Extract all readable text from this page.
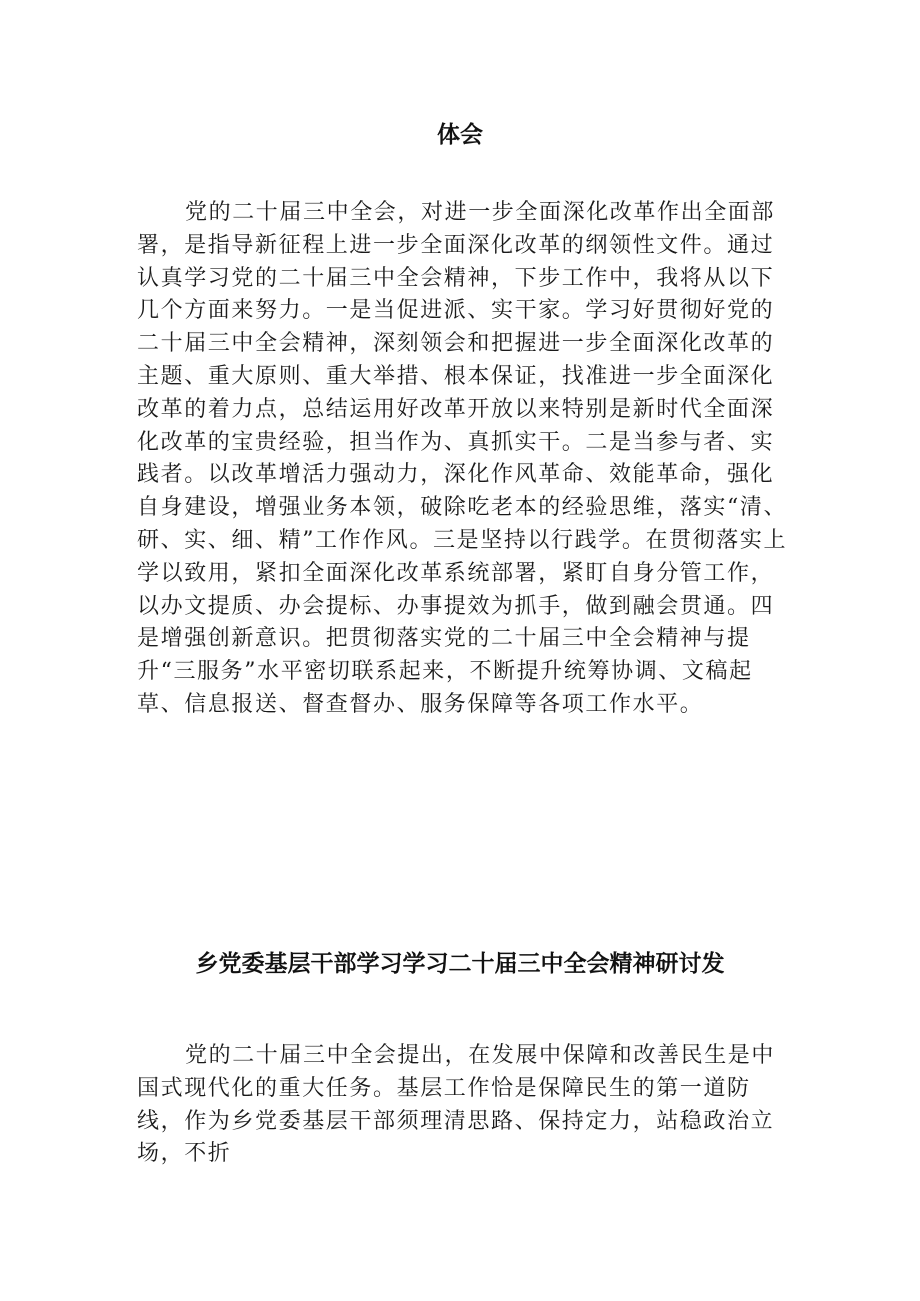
体会

党的二十届三中全会，对进一步全面深化改革作出全面部署，是指导新征程上进一步全面深化改革的纲领性文件。通过认真学习党的二十届三中全会精神，下步工作中，我将从以下几个方面来努力。一是当促进派、实干家。学习好贯彻好党的二十届三中全会精神，深刻领会和把握进一步全面深化改革的主题、重大原则、重大举措、根本保证，找准进一步全面深化改革的着力点，总结运用好改革开放以来特别是新时代全面深化改革的宝贵经验，担当作为、真抓实干。二是当参与者、实践者。以改革增活力强动力，深化作风革命、效能革命，强化自身建设，增强业务本领，破除吃老本的经验思维，落实“清、研、实、细、精”工作作风。三是坚持以行践学。在贯彻落实上学以致用，紧扣全面深化改革系统部署，紧盯自身分管工作，以办文提质、办会提标、办事提效为抓手，做到融会贯通。四是增强创新意识。把贯彻落实党的二十届三中全会精神与提升“三服务”水平密切联系起来，不断提升统筹协调、文稿起草、信息报送、督查督办、服务保障等各项工作水平。

乡党委基层干部学习学习二十届三中全会精神研讨发

党的二十届三中全会提出，在发展中保障和改善民生是中国式现代化的重大任务。基层工作恰是保障民生的第一道防线，作为乡党委基层干部须理清思路、保持定力，站稳政治立场，不折
